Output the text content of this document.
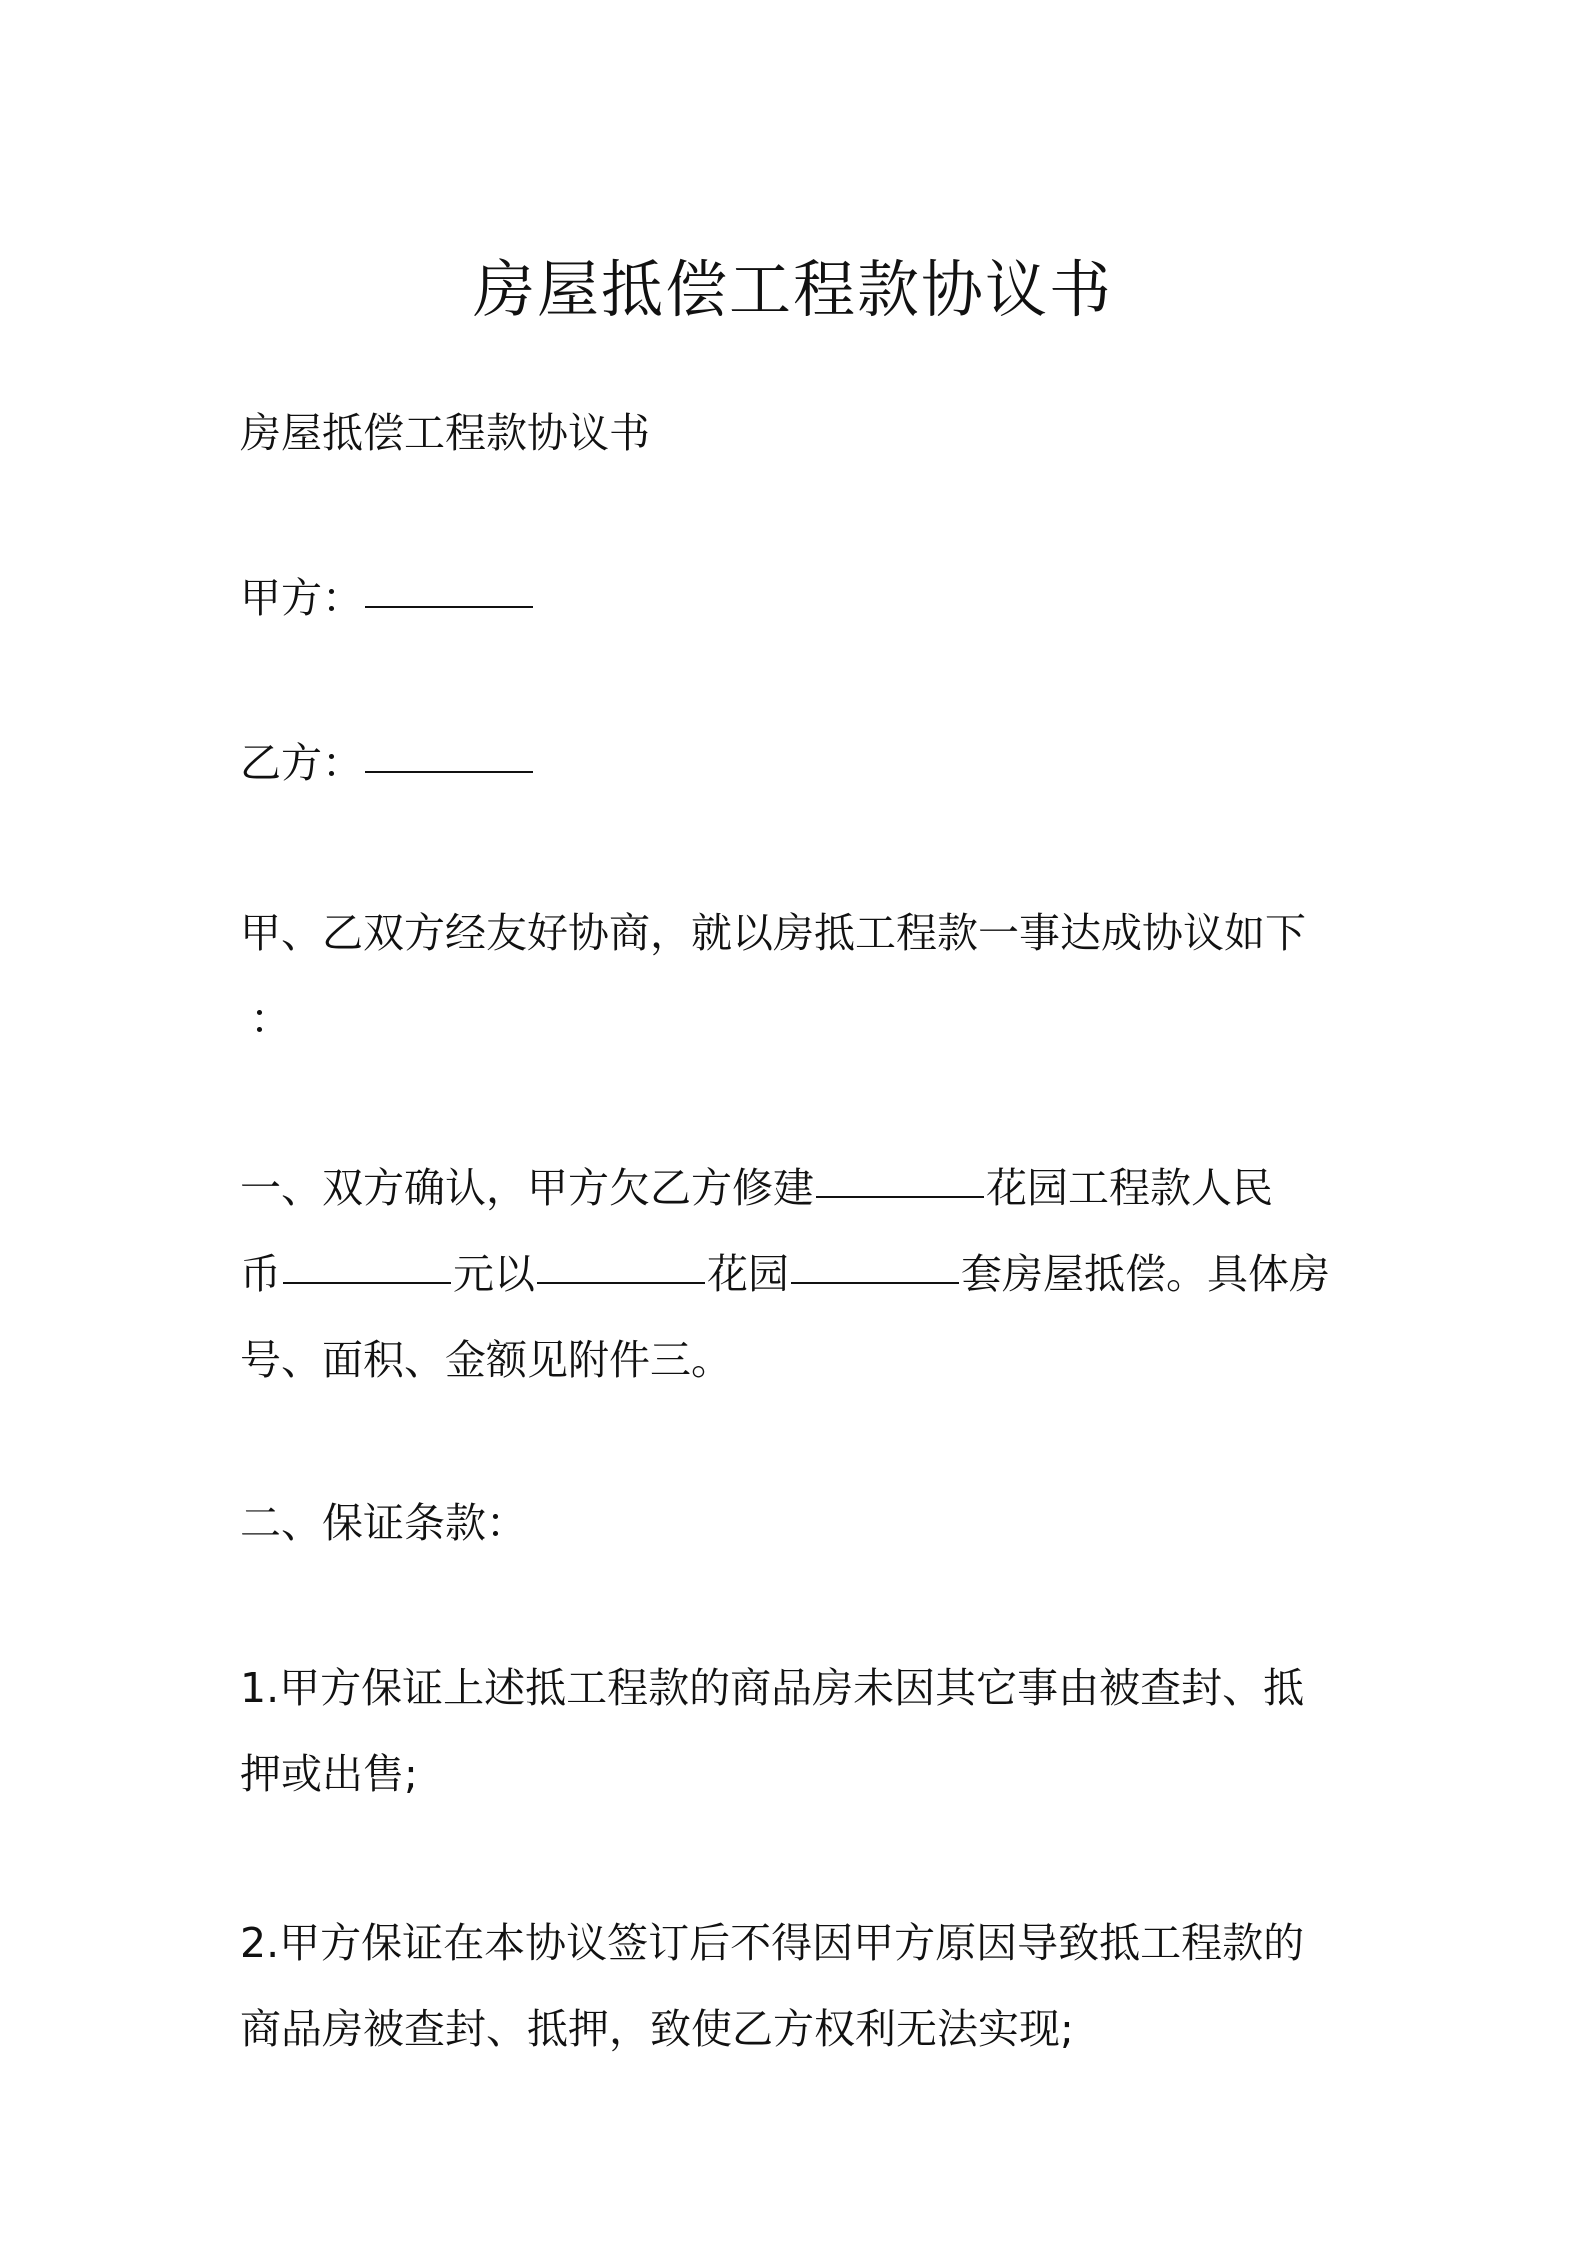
房屋抵偿工程款协议书

房屋抵偿工程款协议书

甲方：

乙方：

甲、乙双方经友好协商，就以房抵工程款一事达成协议如下
：

一、双方确认，甲方欠乙方修建	花园工程款人民
币	元以	花园	套房屋抵偿。具体房
号、面积、金额见附件三。

二、保证条款：

1.甲方保证上述抵工程款的商品房未因其它事由被查封、抵
押或出售;

2.甲方保证在本协议签订后不得因甲方原因导致抵工程款的
商品房被查封、抵押，致使乙方权利无法实现;
